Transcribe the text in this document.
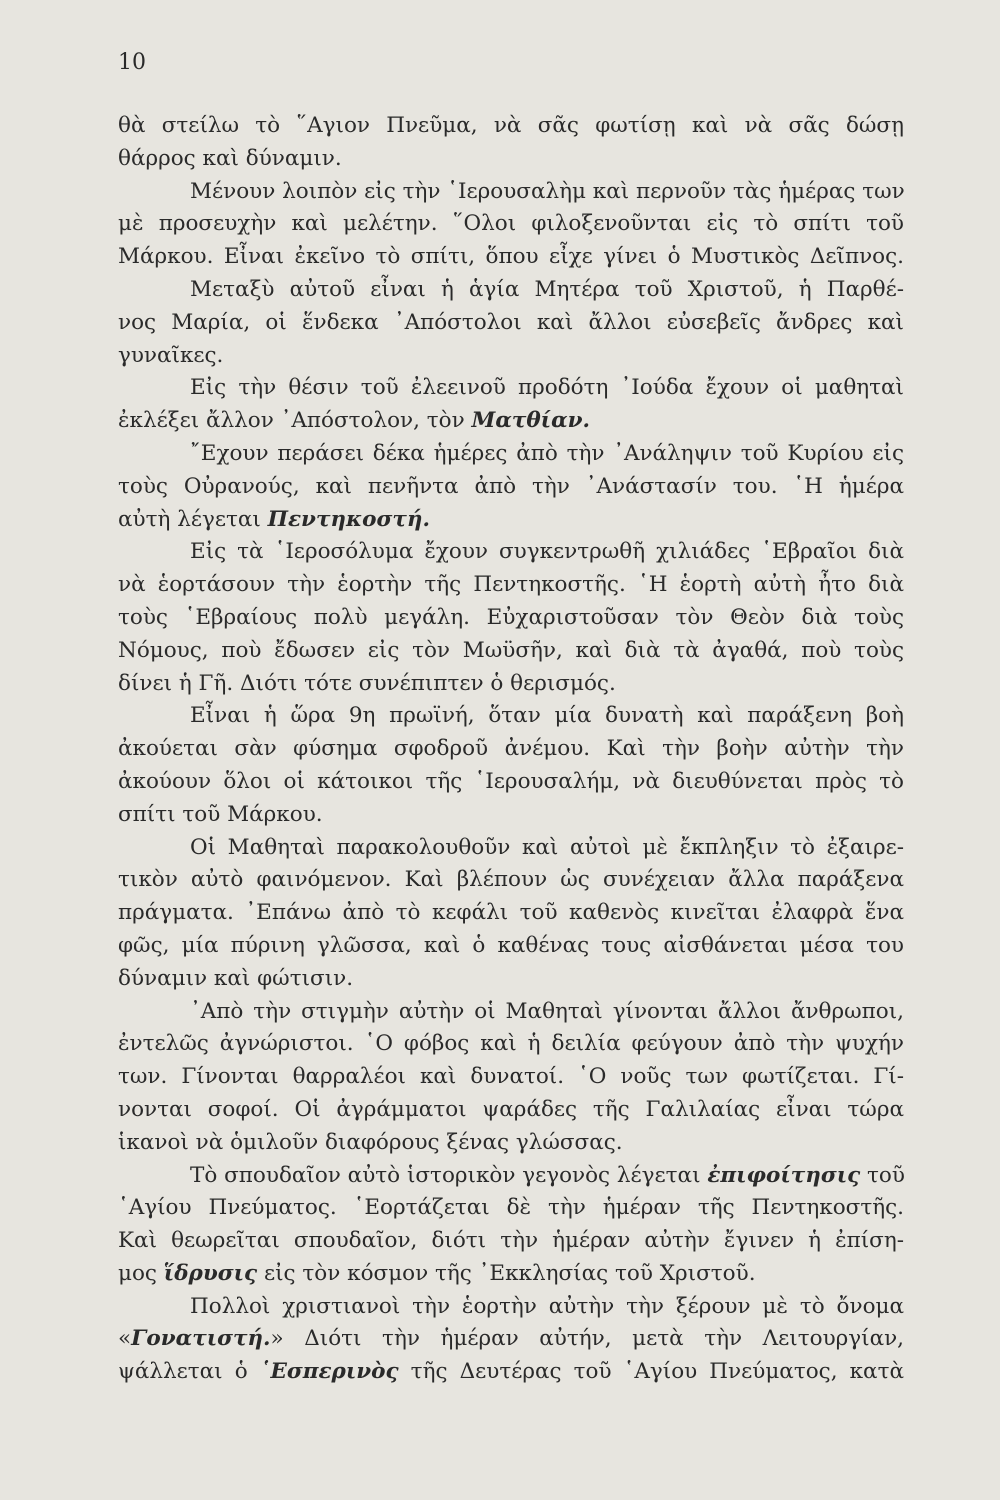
10
θὰ στείλω τὸ ῞Αγιον Πνεῦμα, νὰ σᾶς φωτίσῃ καὶ νὰ σᾶς δώσῃ
θάρρος καὶ δύναμιν.
Μένουν λοιπὸν εἰς τὴν ῾Ιερουσαλὴμ καὶ περνοῦν τὰς ἡμέρας των
μὲ προσευχὴν καὶ μελέτην. ῞Ολοι φιλοξενοῦνται εἰς τὸ σπίτι τοῦ
Μάρκου. Εἶναι ἐκεῖνο τὸ σπίτι, ὅπου εἶχε γίνει ὁ Μυστικὸς Δεῖπνος.
Μεταξὺ αὐτοῦ εἶναι ἡ ἁγία Μητέρα τοῦ Χριστοῦ, ἡ Παρθέ-
νος Μαρία, οἱ ἕνδεκα ᾿Απόστολοι καὶ ἄλλοι εὐσεβεῖς ἄνδρες καὶ
γυναῖκες.
Εἰς τὴν θέσιν τοῦ ἐλεεινοῦ προδότη ᾿Ιούδα ἔχουν οἱ μαθηταὶ
ἐκλέξει ἄλλον ᾿Απόστολον, τὸν Ματθίαν.
῎Εχουν περάσει δέκα ἡμέρες ἀπὸ τὴν ᾿Ανάληψιν τοῦ Κυρίου εἰς
τοὺς Οὐρανούς, καὶ πενῆντα ἀπὸ τὴν ᾿Ανάστασίν του. ῾Η ἡμέρα
αὐτὴ λέγεται Πεντηκοστή.
Εἰς τὰ ῾Ιεροσόλυμα ἔχουν συγκεντρωθῆ χιλιάδες ῾Εβραῖοι διὰ
νὰ ἑορτάσουν τὴν ἑορτὴν τῆς Πεντηκοστῆς. ῾Η ἑορτὴ αὐτὴ ἦτο διὰ
τοὺς ῾Εβραίους πολὺ μεγάλη. Εὐχαριστοῦσαν τὸν Θεὸν διὰ τοὺς
Νόμους, ποὺ ἔδωσεν εἰς τὸν Μωϋσῆν, καὶ διὰ τὰ ἀγαθά, ποὺ τοὺς
δίνει ἡ Γῆ. Διότι τότε συνέπιπτεν ὁ θερισμός.
Εἶναι ἡ ὥρα 9η πρωϊνή, ὅταν μία δυνατὴ καὶ παράξενη βοὴ
ἀκούεται σὰν φύσημα σφοδροῦ ἀνέμου. Καὶ τὴν βοὴν αὐτὴν τὴν
ἀκούουν ὅλοι οἱ κάτοικοι τῆς ῾Ιερουσαλήμ, νὰ διευθύνεται πρὸς τὸ
σπίτι τοῦ Μάρκου.
Οἱ Μαθηταὶ παρακολουθοῦν καὶ αὐτοὶ μὲ ἔκπληξιν τὸ ἐξαιρε-
τικὸν αὐτὸ φαινόμενον. Καὶ βλέπουν ὡς συνέχειαν ἄλλα παράξενα
πράγματα. ᾿Επάνω ἀπὸ τὸ κεφάλι τοῦ καθενὸς κινεῖται ἐλαφρὰ ἕνα
φῶς, μία πύρινη γλῶσσα, καὶ ὁ καθένας τους αἰσθάνεται μέσα του
δύναμιν καὶ φώτισιν.
᾿Απὸ τὴν στιγμὴν αὐτὴν οἱ Μαθηταὶ γίνονται ἄλλοι ἄνθρωποι,
ἐντελῶς ἀγνώριστοι. ῾Ο φόβος καὶ ἡ δειλία φεύγουν ἀπὸ τὴν ψυχήν
των. Γίνονται θαρραλέοι καὶ δυνατοί. ῾Ο νοῦς των φωτίζεται. Γί-
νονται σοφοί. Οἱ ἀγράμματοι ψαράδες τῆς Γαλιλαίας εἶναι τώρα
ἱκανοὶ νὰ ὁμιλοῦν διαφόρους ξένας γλώσσας.
Τὸ σπουδαῖον αὐτὸ ἱστορικὸν γεγονὸς λέγεται ἐπιφοίτησις τοῦ
῾Αγίου Πνεύματος. ῾Εορτάζεται δὲ τὴν ἡμέραν τῆς Πεντηκοστῆς.
Καὶ θεωρεῖται σπουδαῖον, διότι τὴν ἡμέραν αὐτὴν ἔγινεν ἡ ἐπίση-
μος ἵδρυσις εἰς τὸν κόσμον τῆς ᾿Εκκλησίας τοῦ Χριστοῦ.
Πολλοὶ χριστιανοὶ τὴν ἑορτὴν αὐτὴν τὴν ξέρουν μὲ τὸ ὄνομα
«Γονατιστή.» Διότι τὴν ἡμέραν αὐτήν, μετὰ τὴν Λειτουργίαν,
ψάλλεται ὁ ῾Εσπερινὸς τῆς Δευτέρας τοῦ ῾Αγίου Πνεύματος, κατὰ
